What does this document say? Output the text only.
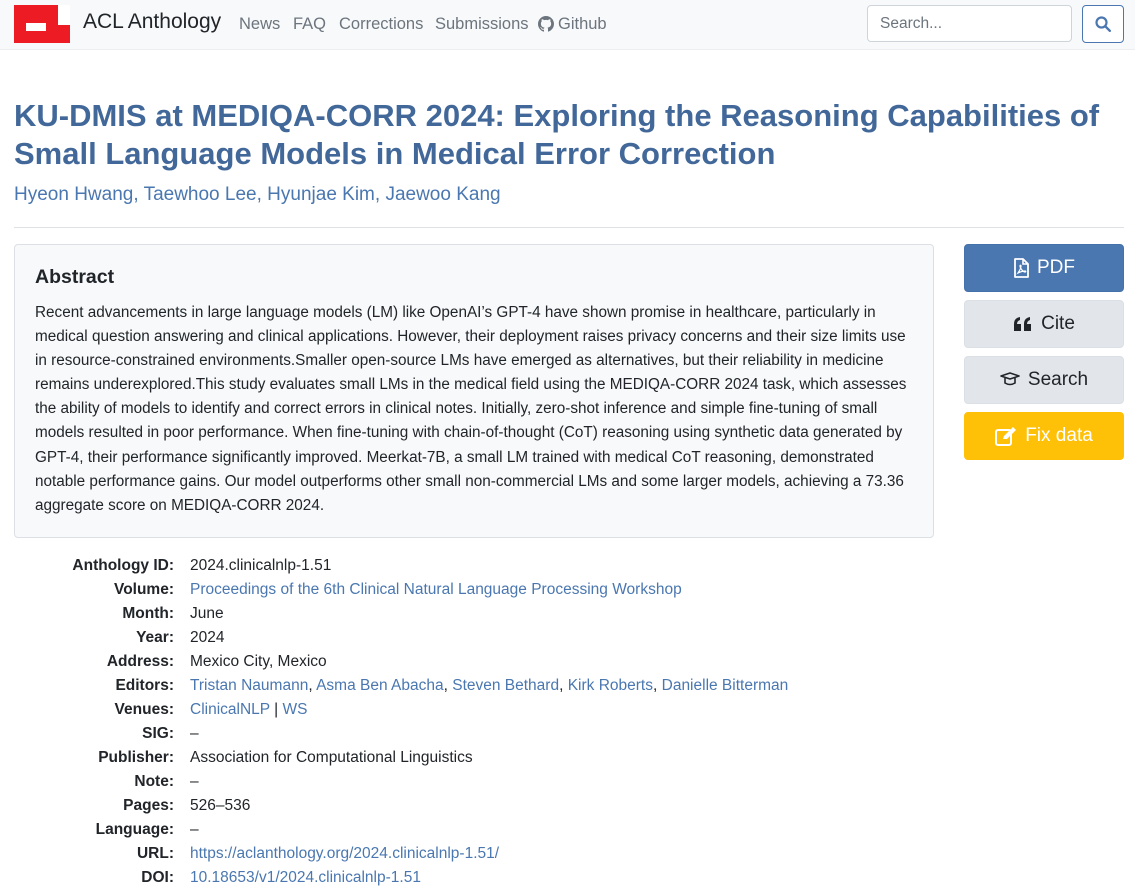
ACL Anthology News FAQ Corrections Submissions	Github
Search...
KU-DMIS at MEDIQA-CORR 2024: Exploring the Reasoning Capabilities of Small Language Models in Medical Error Correction
Hyeon Hwang, Taewhoo Lee, Hyunjae Kim, Jaewoo Kang
Abstract

Recent advancements in large language models (LM) like OpenAI’s GPT-4 have shown promise in healthcare, particularly in medical question answering and clinical applications. However, their deployment raises privacy concerns and their size limits use in resource-constrained environments.Smaller open-source LMs have emerged as alternatives, but their reliability in medicine remains underexplored.This study evaluates small LMs in the medical field using the MEDIQA-CORR 2024 task, which assesses the ability of models to identify and correct errors in clinical notes. Initially, zero-shot inference and simple fine-tuning of small models resulted in poor performance. When fine-tuning with chain-of-thought (CoT) reasoning using synthetic data generated by GPT-4, their performance significantly improved. Meerkat-7B, a small LM trained with medical CoT reasoning, demonstrated notable performance gains. Our model outperforms other small non-commercial LMs and some larger models, achieving a 73.36 aggregate score on MEDIQA-CORR 2024.

PDF
Cite
Search
Fix data
Anthology ID: 2024.clinicalnlp-1.51
Volume: Proceedings of the 6th Clinical Natural Language Processing Workshop
Month: June
Year: 2024
Address: Mexico City, Mexico
Editors: Tristan Naumann, Asma Ben Abacha, Steven Bethard, Kirk Roberts, Danielle Bitterman
Venues: ClinicalNLP | WS
SIG: –
Publisher: Association for Computational Linguistics
Note: –
Pages: 526–536
Language: –
URL: https://aclanthology.org/2024.clinicalnlp-1.51/
DOI: 10.18653/v1/2024.clinicalnlp-1.51
